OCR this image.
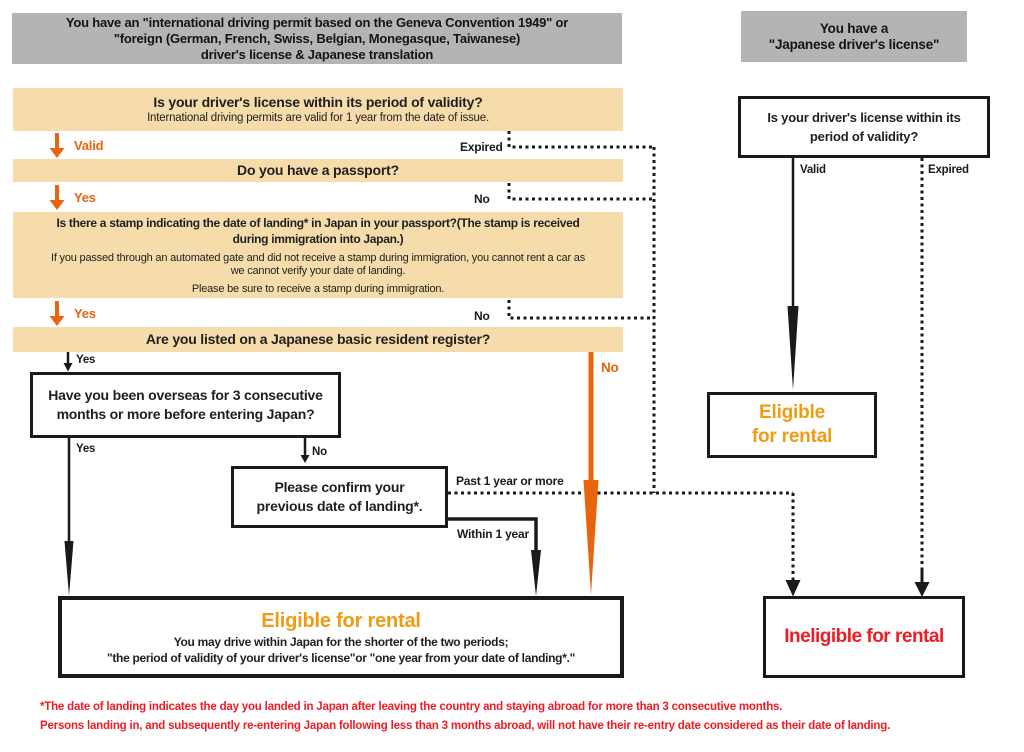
You have an "international driving permit based on the Geneva Convention 1949" or
"foreign (German, French, Swiss, Belgian, Monegasque, Taiwanese)
driver's license & Japanese translation
Is your driver's license within its period of validity?
International driving permits are valid for 1 year from the date of issue.
Do you have a passport?
Is there a stamp indicating the date of landing* in Japan in your passport?(The stamp is received
during immigration into Japan.)
If you passed through an automated gate and did not receive a stamp during immigration, you cannot rent a car as
we cannot verify your date of landing.
Please be sure to receive a stamp during immigration.
Are you listed on a Japanese basic resident register?
Have you been overseas for 3 consecutive
months or more before entering Japan?
Please confirm your
previous date of landing*.
Eligible for rental
You may drive within Japan for the shorter of the two periods;
"the period of validity of your driver's license"or "one year from your date of landing*."
You have a
"Japanese driver's license"
Is your driver's license within its
period of validity?
Eligible
for rental
Ineligible for rental
Valid	Expired
Yes	No
Yes	No
Yes	No
Yes	No
Past 1 year or more
Within 1 year
Valid	Expired
*The date of landing indicates the day you landed in Japan after leaving the country and staying abroad for more than 3 consecutive months.
Persons landing in, and subsequently re-entering Japan following less than 3 months abroad, will not have their re-entry date considered as their date of landing.
